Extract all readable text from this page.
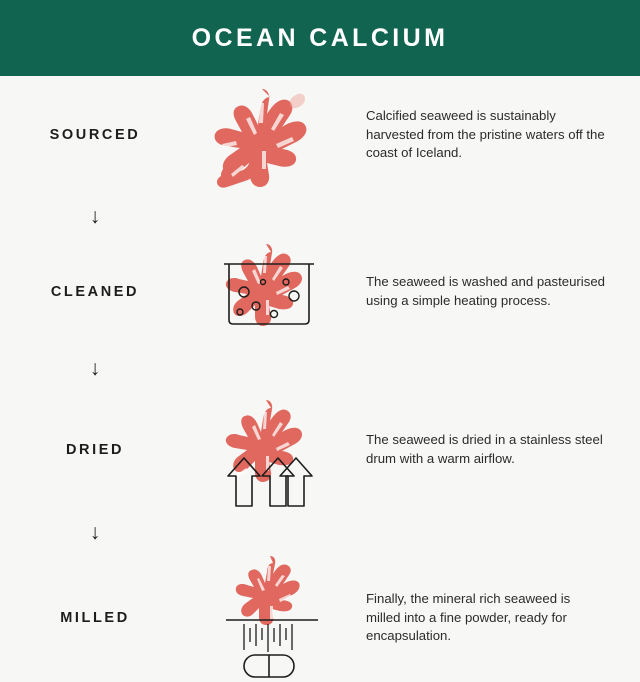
OCEAN CALCIUM
SOURCED
Calcified seaweed is sustainably harvested from the pristine waters off the coast of Iceland.
↓
CLEANED
The seaweed is washed and pasteurised using a simple heating process.
↓
DRIED
The seaweed is dried in a stainless steel drum with a warm airflow.
↓
MILLED
Finally, the mineral rich seaweed is milled into a fine powder, ready for encapsulation.
